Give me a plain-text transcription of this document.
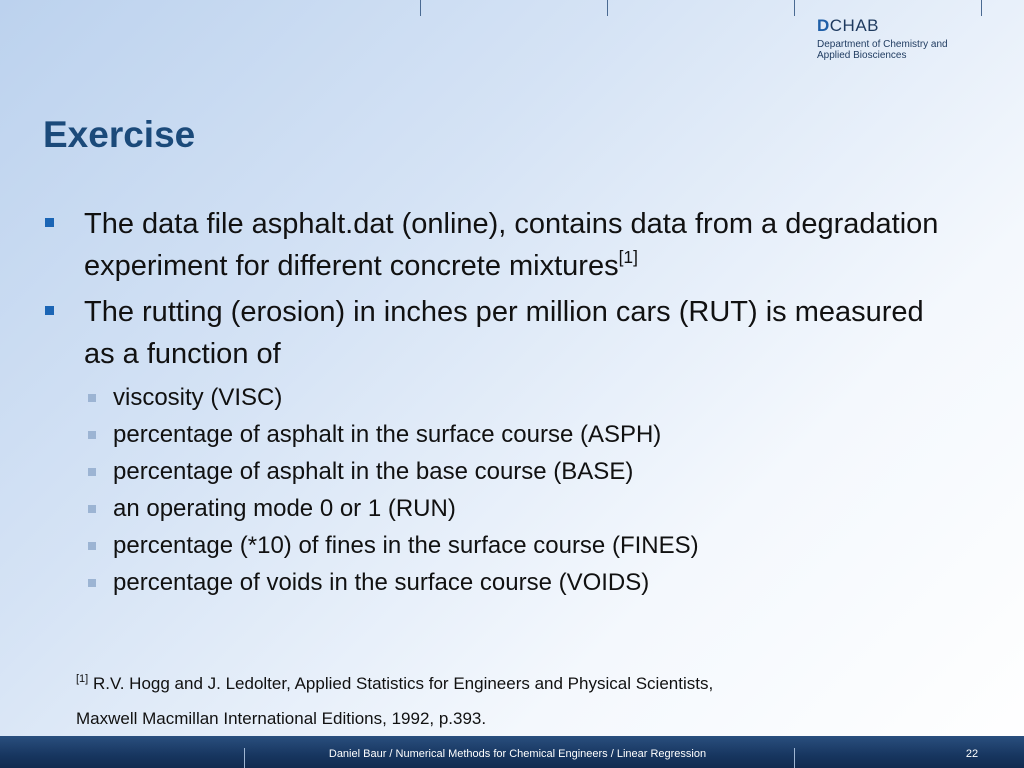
DCHAB
Department of Chemistry and
Applied Biosciences
Exercise
The data file asphalt.dat (online), contains data from a degradation experiment for different concrete mixtures[1]
The rutting (erosion) in inches per million cars (RUT) is measured as a function of
viscosity (VISC)
percentage of asphalt in the surface course (ASPH)
percentage of asphalt in the base course (BASE)
an operating mode 0 or 1 (RUN)
percentage (*10) of fines in the surface course (FINES)
percentage of voids in the surface course (VOIDS)
[1] R.V. Hogg and J. Ledolter, Applied Statistics for Engineers and Physical Scientists,
Maxwell Macmillan International Editions, 1992, p.393.
Daniel Baur / Numerical Methods for Chemical Engineers / Linear Regression	22
